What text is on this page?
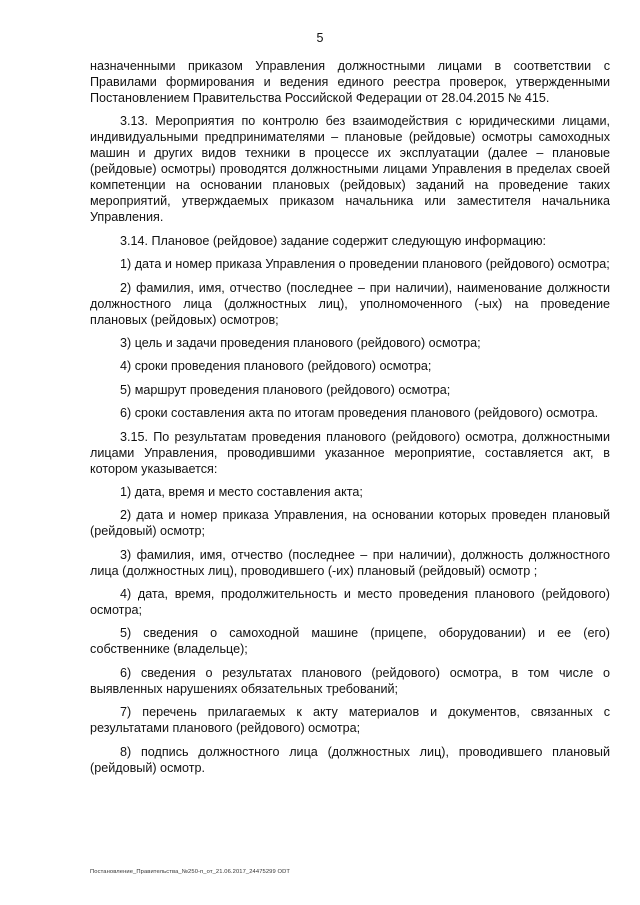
5

назначенными приказом Управления должностными лицами в соответствии с Правилами формирования и ведения единого реестра проверок, утвержденными Постановлением Правительства Российской Федерации от 28.04.2015 № 415.

3.13. Мероприятия по контролю без взаимодействия с юридическими лицами, индивидуальными предпринимателями – плановые (рейдовые) осмотры самоходных машин и других видов техники в процессе их эксплуатации (далее – плановые (рейдовые) осмотры) проводятся должностными лицами Управления в пределах своей компетенции на основании плановых (рейдовых) заданий на проведение таких мероприятий, утверждаемых приказом начальника или заместителя начальника Управления.

3.14. Плановое (рейдовое) задание содержит следующую информацию:

1) дата и номер приказа Управления о проведении планового (рейдового) осмотра;

2) фамилия, имя, отчество (последнее – при наличии), наименование должности должностного лица (должностных лиц), уполномоченного (-ых) на проведение плановых (рейдовых) осмотров;

3) цель и задачи проведения планового (рейдового) осмотра;

4) сроки проведения планового (рейдового) осмотра;

5) маршрут проведения планового (рейдового) осмотра;

6) сроки составления акта по итогам проведения планового (рейдового) осмотра.

3.15. По результатам проведения планового (рейдового) осмотра, должностными лицами Управления, проводившими указанное мероприятие, составляется акт, в котором указывается:

1) дата, время и место составления акта;

2) дата и номер приказа Управления, на основании которых проведен плановый (рейдовый) осмотр;

3) фамилия, имя, отчество (последнее – при наличии), должность должностного лица (должностных лиц), проводившего (-их) плановый (рейдовый) осмотр ;

4) дата, время, продолжительность и место проведения планового (рейдового) осмотра;

5) сведения о самоходной машине (прицепе, оборудовании) и ее (его) собственнике (владельце);

6) сведения о результатах планового (рейдового) осмотра, в том числе о выявленных нарушениях обязательных требований;

7) перечень прилагаемых к акту материалов и документов, связанных с результатами планового (рейдового) осмотра;

8) подпись должностного лица (должностных лиц), проводившего плановый (рейдовый) осмотр.

Постановление_Правительства_№250-п_от_21.06.2017_24475299 ODT
